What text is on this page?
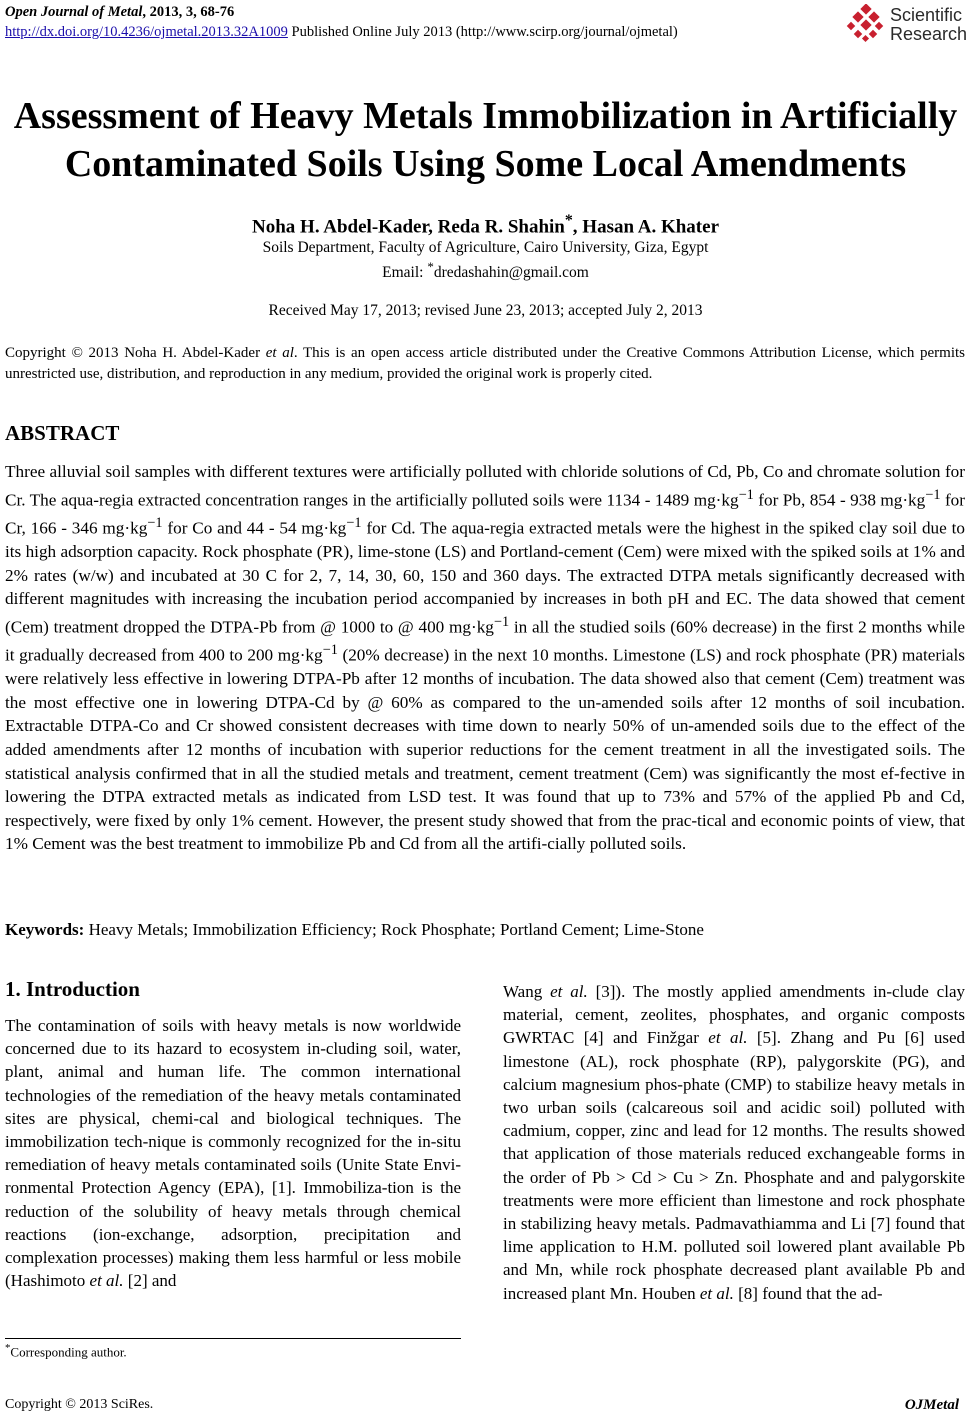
Open Journal of Metal, 2013, 3, 68-76
http://dx.doi.org/10.4236/ojmetal.2013.32A1009 Published Online July 2013 (http://www.scirp.org/journal/ojmetal)
Scientific
Research
Assessment of Heavy Metals Immobilization in Artificially
Contaminated Soils Using Some Local Amendments
Noha H. Abdel-Kader, Reda R. Shahin*, Hasan A. Khater
Soils Department, Faculty of Agriculture, Cairo University, Giza, Egypt
Email: *dredashahin@gmail.com
Received May 17, 2013; revised June 23, 2013; accepted July 2, 2013
Copyright © 2013 Noha H. Abdel-Kader et al. This is an open access article distributed under the Creative Commons Attribution License, which permits unrestricted use, distribution, and reproduction in any medium, provided the original work is properly cited.
ABSTRACT
Three alluvial soil samples with different textures were artificially polluted with chloride solutions of Cd, Pb, Co and chromate solution for Cr. The aqua-regia extracted concentration ranges in the artificially polluted soils were 1134 - 1489 $mg\cdot kg^{-1}$ for Pb, 854 - 938 $mg\cdot kg^{-1}$ for Cr, 166 - 346 $mg\cdot kg^{-1}$ for Co and 44 - 54 $mg\cdot kg^{-1}$ for Cd. The aqua-regia extracted metals were the highest in the spiked clay soil due to its high adsorption capacity. Rock phosphate (PR), lime-stone (LS) and Portland-cement (Cem) were mixed with the spiked soils at 1% and 2% rates (w/w) and incubated at 30 C for 2, 7, 14, 30, 60, 150 and 360 days. The extracted DTPA metals significantly decreased with different magnitudes with increasing the incubation period accompanied by increases in both pH and EC. The data showed that cement (Cem) treatment dropped the DTPA-Pb from @ 1000 to @ 400 $mg\cdot kg^{-1}$ in all the studied soils (60% decrease) in the first 2 months while it gradually decreased from 400 to 200 $mg\cdot kg^{-1}$ (20% decrease) in the next 10 months. Limestone (LS) and rock phosphate (PR) materials were relatively less effective in lowering DTPA-Pb after 12 months of incubation. The data showed also that cement (Cem) treatment was the most effective one in lowering DTPA-Cd by @ 60% as compared to the un-amended soils after 12 months of soil incubation. Extractable DTPA-Co and Cr showed consistent decreases with time down to nearly 50% of un-amended soils due to the effect of the added amendments after 12 months of incubation with superior reductions for the cement treatment in all the investigated soils. The statistical analysis confirmed that in all the studied metals and treatment, cement treatment (Cem) was significantly the most ef-fective in lowering the DTPA extracted metals as indicated from LSD test. It was found that up to 73% and 57% of the applied Pb and Cd, respectively, were fixed by only 1% cement. However, the present study showed that from the prac-tical and economic points of view, that 1% Cement was the best treatment to immobilize Pb and Cd from all the artifi-cially polluted soils.
Keywords: Heavy Metals; Immobilization Efficiency; Rock Phosphate; Portland Cement; Lime-Stone
1. Introduction
The contamination of soils with heavy metals is now worldwide concerned due to its hazard to ecosystem in-cluding soil, water, plant, animal and human life. The common international technologies of the remediation of the heavy metals contaminated sites are physical, chemi-cal and biological techniques. The immobilization tech-nique is commonly recognized for the in-situ remediation of heavy metals contaminated soils (Unite State Envi-ronmental Protection Agency (EPA), [1]. Immobiliza-tion is the reduction of the solubility of heavy metals through chemical reactions (ion-exchange, adsorption, precipitation and complexation processes) making them less harmful or less mobile (Hashimoto et al. [2] and
Wang et al. [3]). The mostly applied amendments in-clude clay material, cement, zeolites, phosphates, and organic composts GWRTAC [4] and Finžgar et al. [5]. Zhang and Pu [6] used limestone (AL), rock phosphate (RP), palygorskite (PG), and calcium magnesium phos-phate (CMP) to stabilize heavy metals in two urban soils (calcareous soil and acidic soil) polluted with cadmium, copper, zinc and lead for 12 months. The results showed that application of those materials reduced exchangeable forms in the order of Pb > Cd > Cu > Zn. Phosphate and and palygorskite treatments were more efficient than limestone and rock phosphate in stabilizing heavy metals. Padmavathiamma and Li [7] found that lime application to H.M. polluted soil lowered plant available Pb and Mn, while rock phosphate decreased plant available Pb and increased plant Mn. Houben et al. [8] found that the ad-
*Corresponding author.
Copyright © 2013 SciRes.	OJMetal
